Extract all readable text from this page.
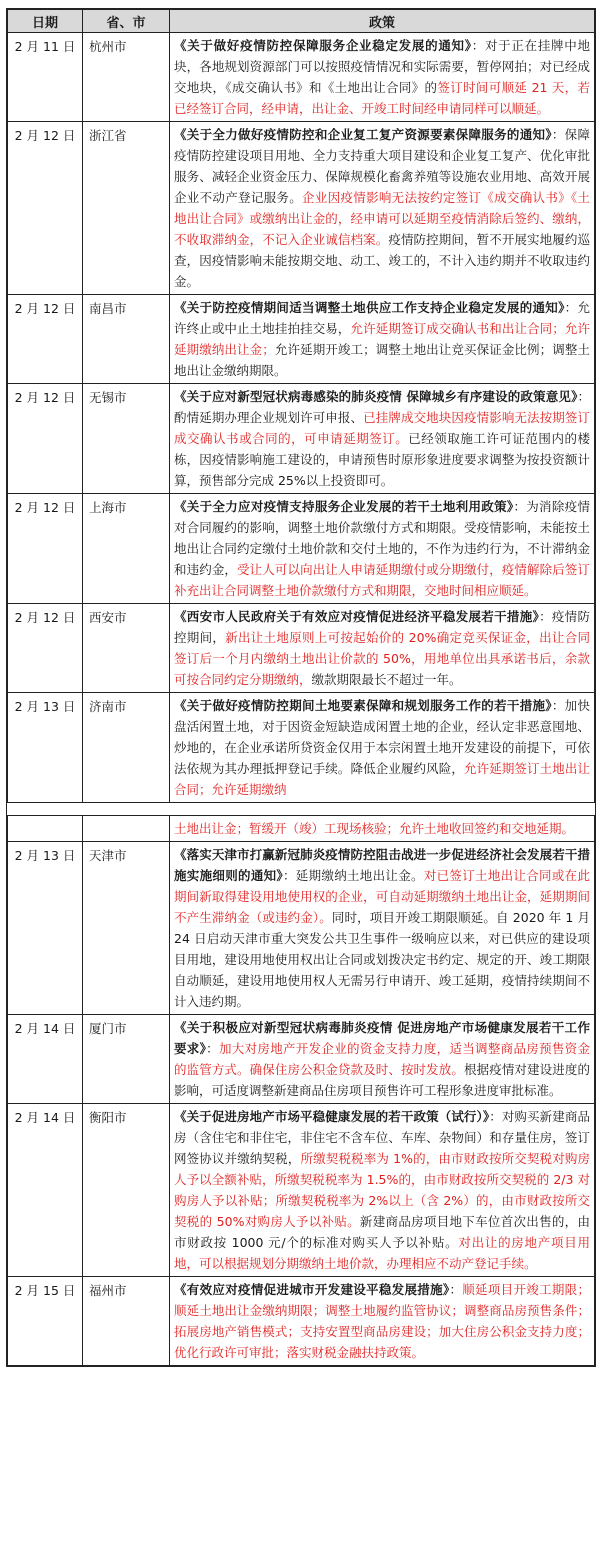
日期	省、市	政策
2 月 11 日	杭州市	《关于做好疫情防控保障服务企业稳定发展的通知》：对于正在挂牌中地块，各地规划资源部门可以按照疫情情况和实际需要，暂停网拍；对已经成交地块，《成交确认书》和《土地出让合同》的签订时间可顺延 21 天，若已经签订合同，经申请，出让金、开竣工时间经申请同样可以顺延。
2 月 12 日	浙江省	《关于全力做好疫情防控和企业复工复产资源要素保障服务的通知》：保障疫情防控建设项目用地、全力支持重大项目建设和企业复工复产、优化审批服务、减轻企业资金压力、保障规模化畜禽养殖等设施农业用地、高效开展企业不动产登记服务。企业因疫情影响无法按约定签订《成交确认书》《土地出让合同》或缴纳出让金的，经申请可以延期至疫情消除后签约、缴纳，不收取滞纳金，不记入企业诚信档案。疫情防控期间，暂不开展实地履约巡查，因疫情影响未能按期交地、动工、竣工的，不计入违约期并不收取违约金。
2 月 12 日	南昌市	《关于防控疫情期间适当调整土地供应工作支持企业稳定发展的通知》：允许终止或中止土地挂拍挂交易，允许延期签订成交确认书和出让合同；允许延期缴纳出让金；允许延期开竣工；调整土地出让竞买保证金比例；调整土地出让金缴纳期限。
2 月 12 日	无锡市	《关于应对新型冠状病毒感染的肺炎疫情 保障城乡有序建设的政策意见》：酌情延期办理企业规划许可申报、已挂牌成交地块因疫情影响无法按期签订成交确认书或合同的，可申请延期签订。已经领取施工许可证范围内的楼栋，因疫情影响施工建设的，申请预售时原形象进度要求调整为按投资额计算，预售部分完成 25%以上投资即可。
2 月 12 日	上海市	《关于全力应对疫情支持服务企业发展的若干土地利用政策》：为消除疫情对合同履约的影响，调整土地价款缴付方式和期限。受疫情影响，未能按土地出让合同约定缴付土地价款和交付土地的，不作为违约行为，不计滞纳金和违约金，受让人可以向出让人申请延期缴付或分期缴付，疫情解除后签订补充出让合同调整土地价款缴付方式和期限，交地时间相应顺延。
2 月 12 日	西安市	《西安市人民政府关于有效应对疫情促进经济平稳发展若干措施》：疫情防控期间，新出让土地原则上可按起始价的 20%确定竞买保证金，出让合同签订后一个月内缴纳土地出让价款的 50%，用地单位出具承诺书后，余款可按合同约定分期缴纳，缴款期限最长不超过一年。
2 月 13 日	济南市	《关于做好疫情防控期间土地要素保障和规划服务工作的若干措施》：加快盘活闲置土地，对于因资金短缺造成闲置土地的企业，经认定非恶意囤地、炒地的，在企业承诺所贷资金仅用于本宗闲置土地开发建设的前提下，可依法依规为其办理抵押登记手续。降低企业履约风险，允许延期签订土地出让合同；允许延期缴纳

		土地出让金；暂缓开（竣）工现场核验；允许土地收回签约和交地延期。
2 月 13 日	天津市	《落实天津市打赢新冠肺炎疫情防控阻击战进一步促进经济社会发展若干措施实施细则的通知》：延期缴纳土地出让金。对已签订土地出让合同或在此期间新取得建设用地使用权的企业，可自动延期缴纳土地出让金，延期期间不产生滞纳金（或违约金）。同时，项目开竣工期限顺延。自 2020 年 1 月 24 日启动天津市重大突发公共卫生事件一级响应以来，对已供应的建设项目用地，建设用地使用权出让合同或划拨决定书约定、规定的开、竣工期限自动顺延，建设用地使用权人无需另行申请开、竣工延期，疫情持续期间不计入违约期。
2 月 14 日	厦门市	《关于积极应对新型冠状病毒肺炎疫情 促进房地产市场健康发展若干工作要求》：加大对房地产开发企业的资金支持力度，适当调整商品房预售资金的监管方式。确保住房公积金贷款及时、按时发放。根据疫情对建设进度的影响，可适度调整新建商品住房项目预售许可工程形象进度审批标准。
2 月 14 日	衡阳市	《关于促进房地产市场平稳健康发展的若干政策（试行）》：对购买新建商品房（含住宅和非住宅，非住宅不含车位、车库、杂物间）和存量住房，签订网签协议并缴纳契税，所缴契税税率为 1%的，由市财政按所交契税对购房人予以全额补贴，所缴契税税率为 1.5%的，由市财政按所交契税的 2/3 对购房人予以补贴；所缴契税税率为 2%以上（含 2%）的，由市财政按所交契税的 50%对购房人予以补贴。新建商品房项目地下车位首次出售的，由市财政按 1000 元/个的标准对购买人予以补贴。对出让的房地产项目用地，可以根据规划分期缴纳土地价款，办理相应不动产登记手续。
2 月 15 日	福州市	《有效应对疫情促进城市开发建设平稳发展措施》：顺延项目开竣工期限；顺延土地出让金缴纳期限；调整土地履约监管协议；调整商品房预售条件；拓展房地产销售模式；支持安置型商品房建设；加大住房公积金支持力度；优化行政许可审批；落实财税金融扶持政策。
